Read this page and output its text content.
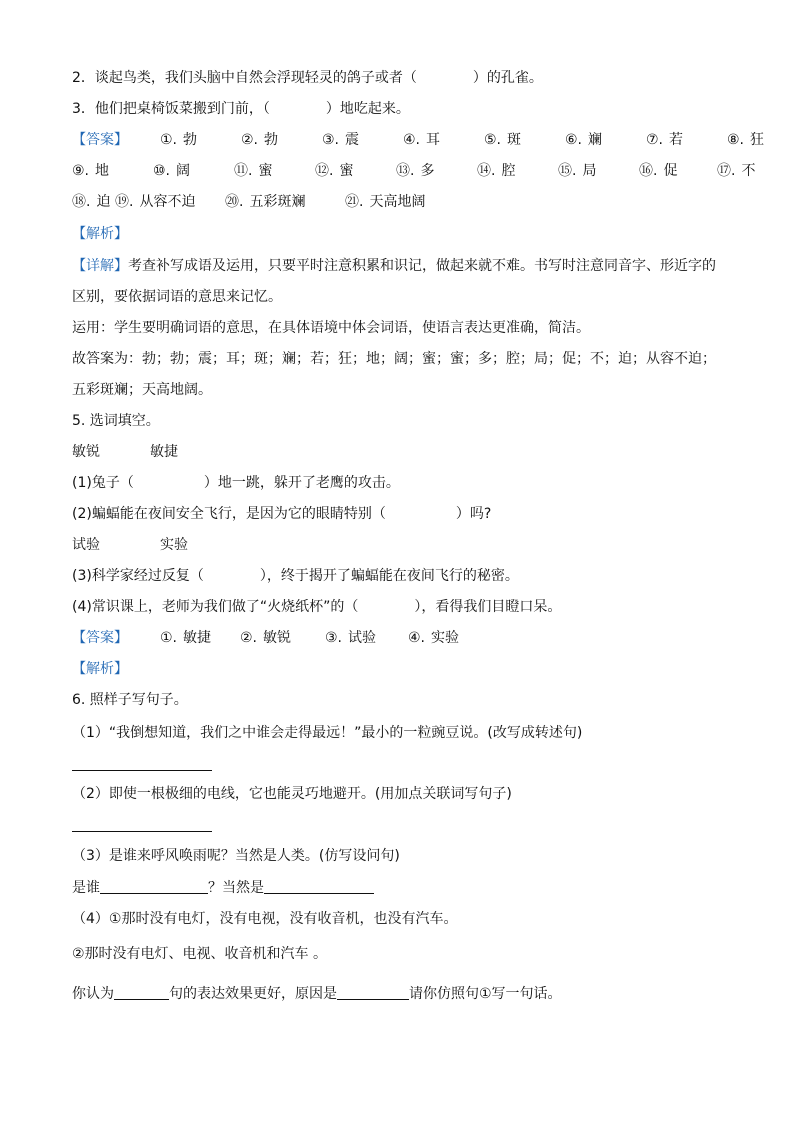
2．谈起鸟类，我们头脑中自然会浮现轻灵的鸽子或者（　　　　）的孔雀。
3．他们把桌椅饭菜搬到门前，（　　　　）地吃起来。
【答案】 ①. 勃	②. 勃	③. 震	④. 耳	⑤. 斑	⑥. 斓	⑦. 若	⑧. 狂
⑨. 地	⑩. 阔	⑪. 蜜	⑫. 蜜	⑬. 多	⑭. 腔	⑮. 局	⑯. 促	⑰. 不
⑱. 迫 ⑲. 从容不迫 ⑳. 五彩斑斓	㉑. 天高地阔
【解析】
【详解】考查补写成语及运用，只要平时注意积累和识记，做起来就不难。书写时注意同音字、形近字的
区别，要依据词语的意思来记忆。
运用：学生要明确词语的意思，在具体语境中体会词语，使语言表达更准确，简洁。
故答案为：勃；勃；震；耳；斑；斓；若；狂；地；阔；蜜；蜜；多；腔；局；促；不；迫；从容不迫；
五彩斑斓；天高地阔。
5. 选词填空。
敏锐	敏捷
(1)兔子（　　　　　）地一跳，躲开了老鹰的攻击。
(2)蝙蝠能在夜间安全飞行，是因为它的眼睛特别（　　　　　）吗?
试验	实验
(3)科学家经过反复（　　　　），终于揭开了蝙蝠能在夜间飞行的秘密。
(4)常识课上，老师为我们做了“火烧纸杯”的（　　　　），看得我们目瞪口呆。
【答案】 ①. 敏捷 ②. 敏锐 ③. 试验 ④. 实验
【解析】
6. 照样子写句子。
（1）“我倒想知道，我们之中谁会走得最远！”最小的一粒豌豆说。(改写成转述句)
（2）即使一根极细的电线，它也能灵巧地避开。(用加点关联词写句子)
（3）是谁来呼风唤雨呢？当然是人类。(仿写设问句)
是谁	？当然是
（4）①那时没有电灯，没有电视，没有收音机，也没有汽车。
②那时没有电灯、电视、收音机和汽车 。
你认为	句的表达效果更好，原因是	请你仿照句①写一句话。
